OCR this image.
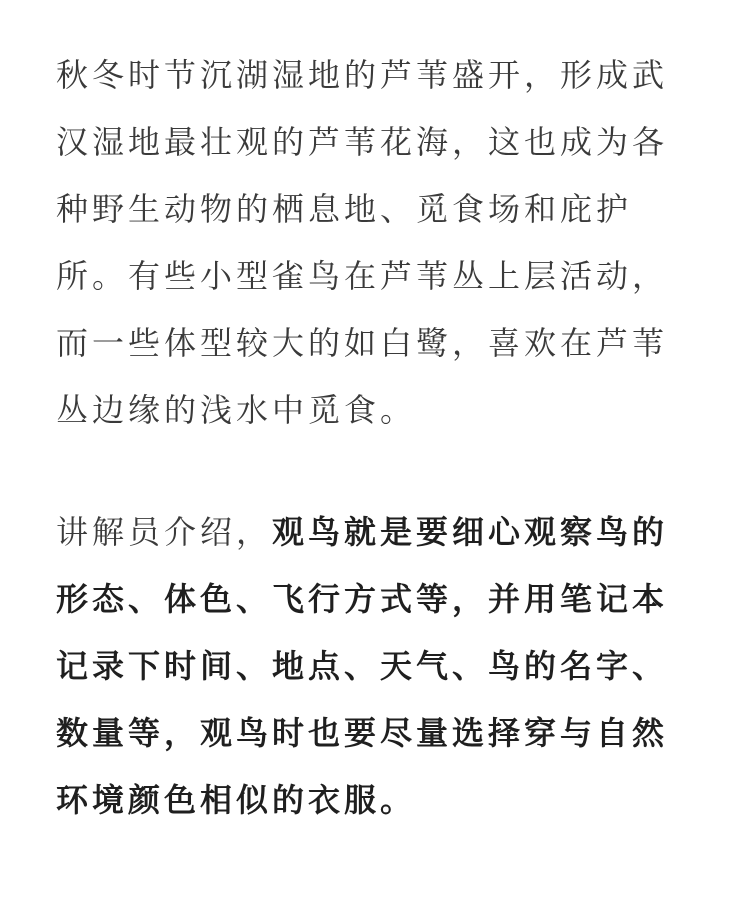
秋冬时节沉湖湿地的芦苇盛开，形成武
汉湿地最壮观的芦苇花海，这也成为各
种野生动物的栖息地、觅食场和庇护
所。有些小型雀鸟在芦苇丛上层活动，
而一些体型较大的如白鹭，喜欢在芦苇
丛边缘的浅水中觅食。

讲解员介绍，观鸟就是要细心观察鸟的
形态、体色、飞行方式等，并用笔记本
记录下时间、地点、天气、鸟的名字、
数量等，观鸟时也要尽量选择穿与自然
环境颜色相似的衣服。
